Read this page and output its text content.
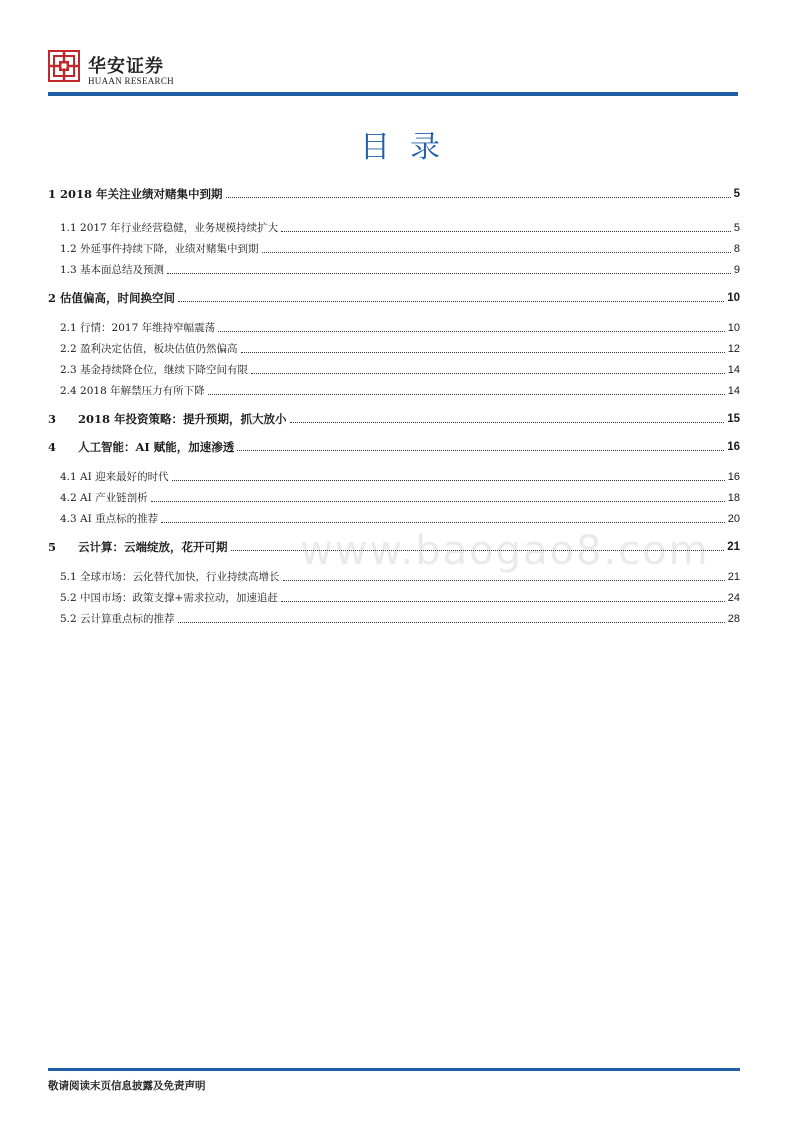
华安证券
HUAAN RESEARCH
目录
www.baogao8.com
1 2018 年关注业绩对赌集中到期	5
1.1 2017 年行业经营稳健，业务规模持续扩大	5
1.2 外延事件持续下降，业绩对赌集中到期	8
1.3 基本面总结及预测	9
2 估值偏高，时间换空间	10
2.1 行情：2017 年维持窄幅震荡	10
2.2 盈利决定估值，板块估值仍然偏高	12
2.3 基金持续降仓位，继续下降空间有限	14
2.4 2018 年解禁压力有所下降	14
3 2018 年投资策略：提升预期，抓大放小	15
4 人工智能：AI 赋能，加速渗透	16
4.1 AI 迎来最好的时代	16
4.2 AI 产业链剖析	18
4.3 AI 重点标的推荐	20
5 云计算：云端绽放，花开可期	21
5.1 全球市场：云化替代加快，行业持续高增长	21
5.2 中国市场：政策支撑+需求拉动，加速追赶	24
5.2 云计算重点标的推荐	28
敬请阅读末页信息披露及免责声明
